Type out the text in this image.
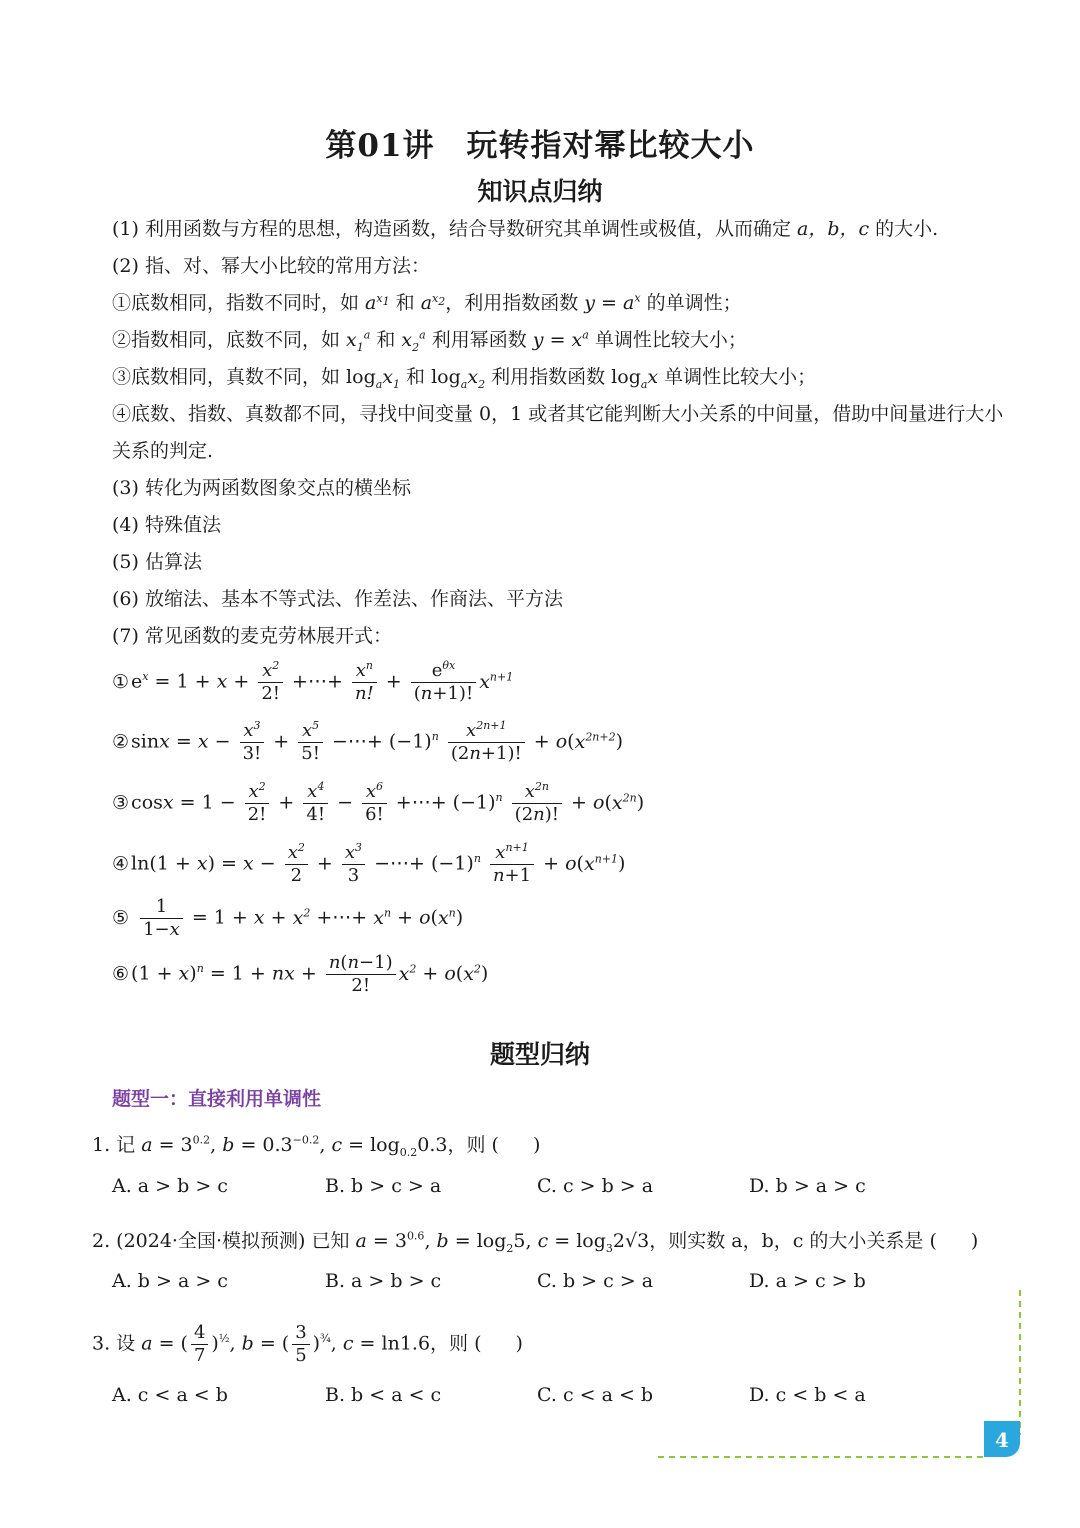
第01讲　玩转指对幂比较大小
知识点归纳
(1) 利用函数与方程的思想，构造函数，结合导数研究其单调性或极值，从而确定 a，b，c 的大小.
(2) 指、对、幂大小比较的常用方法：
①底数相同，指数不同时，如 $a^{x_1}$ 和 $a^{x_2}$，利用指数函数 $y = a^x$ 的单调性；
②指数相同，底数不同，如 $x_1^a$ 和 $x_2^a$ 利用幂函数 $y = x^a$ 单调性比较大小；
③底数相同，真数不同，如 $\log_ax_1$ 和 $\log_ax_2$ 利用指数函数 $\log_ax$ 单调性比较大小；
④底数、指数、真数都不同，寻找中间变量 0，1 或者其它能判断大小关系的中间量，借助中间量进行大小
关系的判定.
(3) 转化为两函数图象交点的横坐标
(4) 特殊值法
(5) 估算法
(6) 放缩法、基本不等式法、作差法、作商法、平方法
(7) 常见函数的麦克劳林展开式：
① $e^x = 1 + x + \frac{x^2}{2!}$ +⋯+ $\frac{x^n}{n!} + \frac{e^{\theta x}}{(n+1)!} x^{n+1}$
② $\sin x = x - \frac{x^3}{3!} + \frac{x^5}{5!}$ −⋯+ $(-1)^n \frac{x^{2n+1}}{(2n+1)!} + o(x^{2n+2})$
③ $\cos x = 1 - \frac{x^2}{2!} + \frac{x^4}{4!} - \frac{x^6}{6!}$ +⋯+ $(-1)^n \frac{x^{2n}}{(2n)!} + o(x^{2n})$
④ $\ln(1 + x) = x - \frac{x^2}{2} + \frac{x^3}{3}$ −⋯+ $(-1)^n \frac{x^{n+1}}{n+1} + o(x^{n+1})$
⑤ $\frac{1}{1-x} = 1 + x + x^2$ +⋯+ $x^n + o(x^n)$
⑥ $(1 + x)^n = 1$ + nx + $\frac{n(n-1)}{2!} x^2 + o(x^2)$
题型归纳
题型一：直接利用单调性
1. 记 $a = 3^{0.2}$, $b = 0.3^{-0.2}$, $c = \log_{0.2}0.3$，则 ( )
A. a > b > c	B. b > c > a	C. c > b > a	D. b > a > c
2. (2024·全国·模拟预测) 已知 $a = 3^{0.6}$, $b = \log_25$, $c = \log_32√3$，则实数 a，b，c 的大小关系是 ( )
A. b > a > c	B. a > b > c	C. b > c > a	D. a > c > b
3. 设 a = ( $\frac{4}{7} )^{\frac{1}{2}}$, b = ( $\frac{3}{5} )^{\frac{3}{4}}$, c = ln1.6，则 ( )
A. c < a < b	B. b < a < c	C. c < a < b	D. c < b < a
4
